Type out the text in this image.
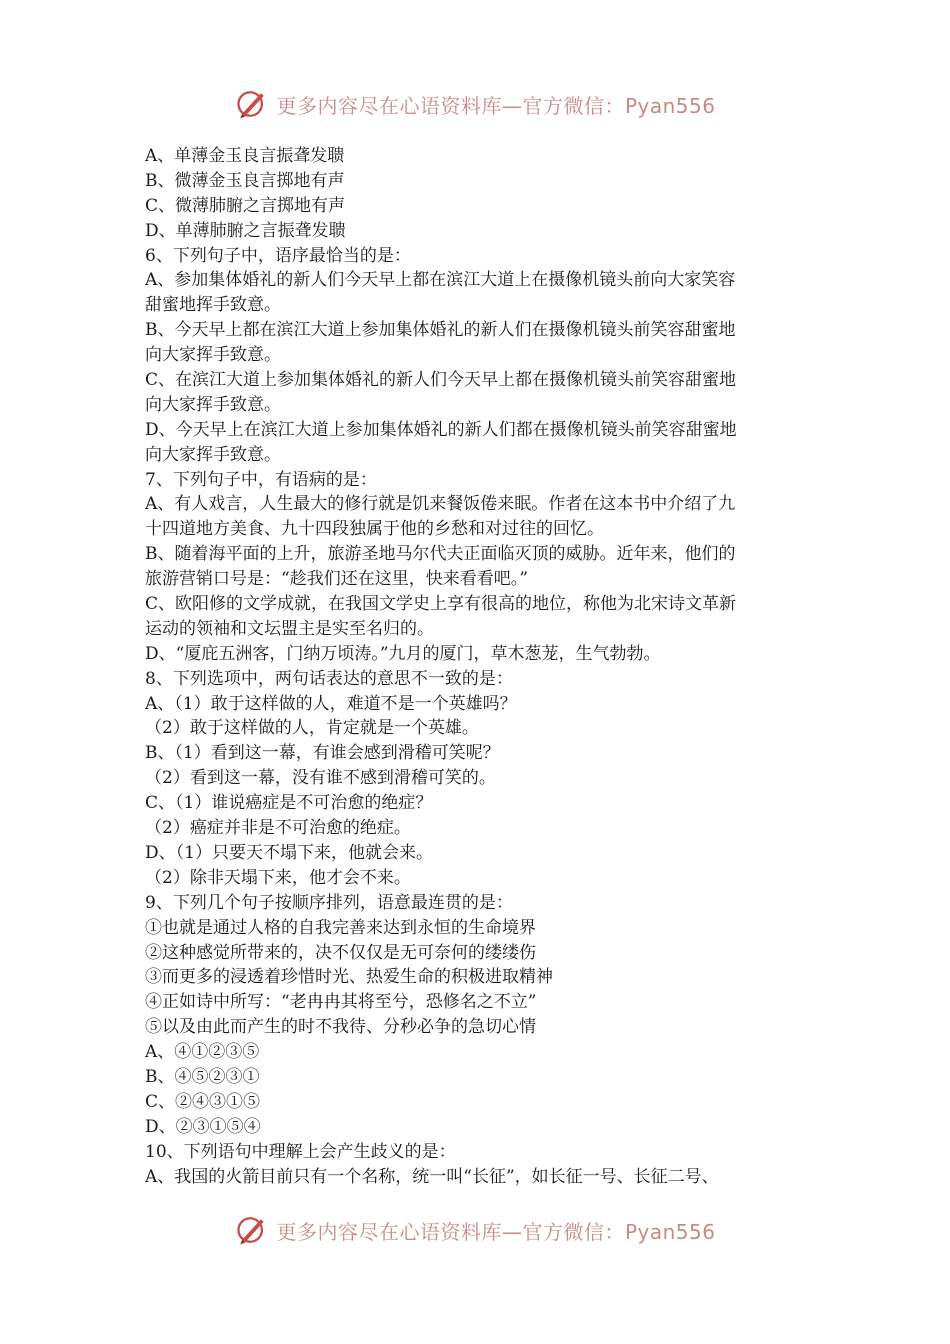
更多内容尽在心语资料库—官方微信：Pyan556
A、单薄金玉良言振聋发聩
B、微薄金玉良言掷地有声
C、微薄肺腑之言掷地有声
D、单薄肺腑之言振聋发聩
6、下列句子中，语序最恰当的是：
A、参加集体婚礼的新人们今天早上都在滨江大道上在摄像机镜头前向大家笑容
甜蜜地挥手致意。
B、今天早上都在滨江大道上参加集体婚礼的新人们在摄像机镜头前笑容甜蜜地
向大家挥手致意。
C、在滨江大道上参加集体婚礼的新人们今天早上都在摄像机镜头前笑容甜蜜地
向大家挥手致意。
D、今天早上在滨江大道上参加集体婚礼的新人们都在摄像机镜头前笑容甜蜜地
向大家挥手致意。
7、下列句子中，有语病的是：
A、有人戏言，人生最大的修行就是饥来餐饭倦来眠。作者在这本书中介绍了九
十四道地方美食、九十四段独属于他的乡愁和对过往的回忆。
B、随着海平面的上升，旅游圣地马尔代夫正面临灭顶的威胁。近年来，他们的
旅游营销口号是：“趁我们还在这里，快来看看吧。”
C、欧阳修的文学成就，在我国文学史上享有很高的地位，称他为北宋诗文革新
运动的领袖和文坛盟主是实至名归的。
D、“厦庇五洲客，门纳万顷涛。”九月的厦门，草木葱茏，生气勃勃。
8、下列选项中，两句话表达的意思不一致的是：
A、（1）敢于这样做的人，难道不是一个英雄吗？
（2）敢于这样做的人，肯定就是一个英雄。
B、（1）看到这一幕，有谁会感到滑稽可笑呢？
（2）看到这一幕，没有谁不感到滑稽可笑的。
C、（1）谁说癌症是不可治愈的绝症？
（2）癌症并非是不可治愈的绝症。
D、（1）只要天不塌下来，他就会来。
（2）除非天塌下来，他才会不来。
9、下列几个句子按顺序排列，语意最连贯的是：
①也就是通过人格的自我完善来达到永恒的生命境界
②这种感觉所带来的，决不仅仅是无可奈何的缕缕伤
③而更多的浸透着珍惜时光、热爱生命的积极进取精神
④正如诗中所写：“老冉冉其将至兮，恐修名之不立”
⑤以及由此而产生的时不我待、分秒必争的急切心情
A、④①②③⑤
B、④⑤②③①
C、②④③①⑤
D、②③①⑤④
10、下列语句中理解上会产生歧义的是：
A、我国的火箭目前只有一个名称，统一叫“长征”，如长征一号、长征二号、
更多内容尽在心语资料库—官方微信：Pyan556
